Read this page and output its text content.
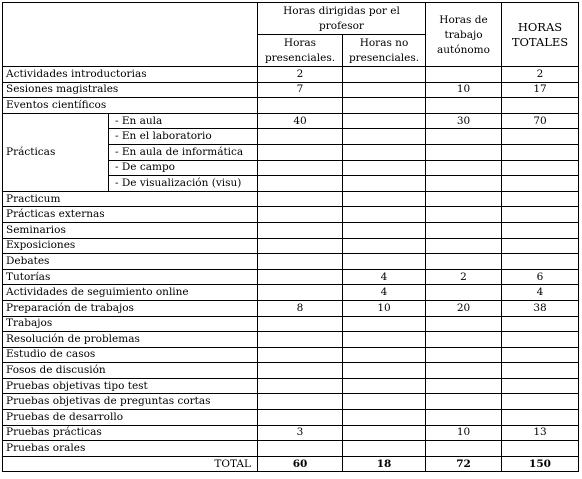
		Horas dirigidas por el profesor		Horas de trabajo autónomo	HORAS TOTALES
		Horas presenciales.	Horas no presenciales.		
Actividades introductorias		2			2
Sesiones magistrales		7		10	17
Eventos científicos					
Prácticas	- En aula	40		30	70
	- En el laboratorio				
	- En aula de informática				
	- De campo				
	- De visualización (visu)				
Practicum					
Prácticas externas					
Seminarios					
Exposiciones					
Debates					
Tutorías			4	2	6
Actividades de seguimiento online			4		4
Preparación de trabajos		8	10	20	38
Trabajos					
Resolución de problemas					
Estudio de casos					
Fosos de discusión					
Pruebas objetivas tipo test					
Pruebas objetivas de preguntas cortas					
Pruebas de desarrollo					
Pruebas prácticas		3		10	13
Pruebas orales					
TOTAL		60	18	72	150
